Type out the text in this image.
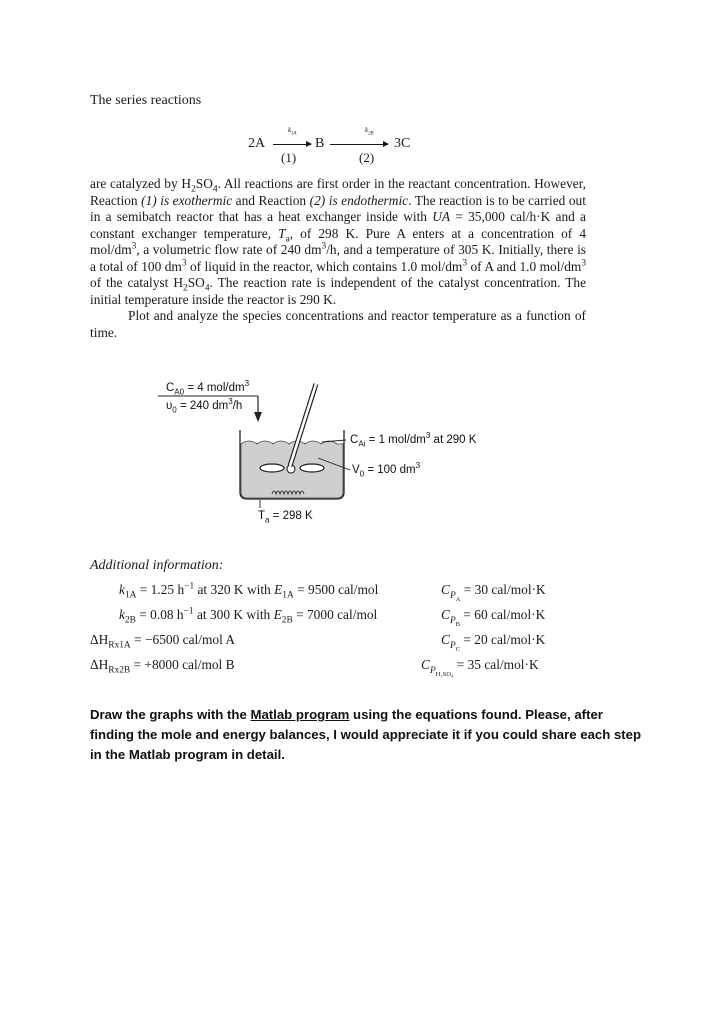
The series reactions
2A
$k_{1A}$
(1)
B
$k_{2B}$
(2)
3C

are catalyzed by $H_2SO_4$. All reactions are first order in the reactant concentration. However, Reaction (1) is exothermic and Reaction (2) is endothermic. The reaction is to be carried out in a semibatch reactor that has a heat exchanger inside with UA = 35,000 cal/h·K and a constant exchanger temperature, $T_a$, of 298 K. Pure A enters at a concentration of 4 mol/$dm^3$, a volumetric flow rate of 240 $dm^3/h$, and a temperature of 305 K. Initially, there is a total of 100 $dm^3$ of liquid in the reactor, which contains 1.0 mol/$dm^3$ of A and 1.0 mol/$dm^3$ of the catalyst $H_2SO_4$. The reaction rate is independent of the catalyst concentration. The initial temperature inside the reactor is 290 K.

Plot and analyze the species concentrations and reactor temperature as a function of time.

$C_{A0} = 4$ mol/$dm^3$
$\upsilon_0 = 240$ $dm^3/h$
$C_{Ai} = 1$ mol/$dm^3$ at 290 K
$V_0 = 100$ $dm^3$
$T_a = 298$ K
Additional information:
$k_{1A} = 1.25$ $h^{-1}$ at 320 K with $E_{1A} = 9500$ cal/mol
$k_{2B} = 0.08$ $h^{-1}$ at 300 K with $E_{2B} = 7000$ cal/mol
$\Delta H_{Rx1A} = -6500$ cal/mol A
$\Delta H_{Rx2B} = +8000$ cal/mol B
$C_{P_A} = 30$ cal/mol·K
$C_{P_B} = 60$ cal/mol·K
$C_{P_C} = 20$ cal/mol·K
$C_{P_{H_2SO_4}} = 35$ cal/mol·K
Draw the graphs with the Matlab program using the equations found. Please, after finding the mole and energy balances, I would appreciate it if you could share each step in the Matlab program in detail.
